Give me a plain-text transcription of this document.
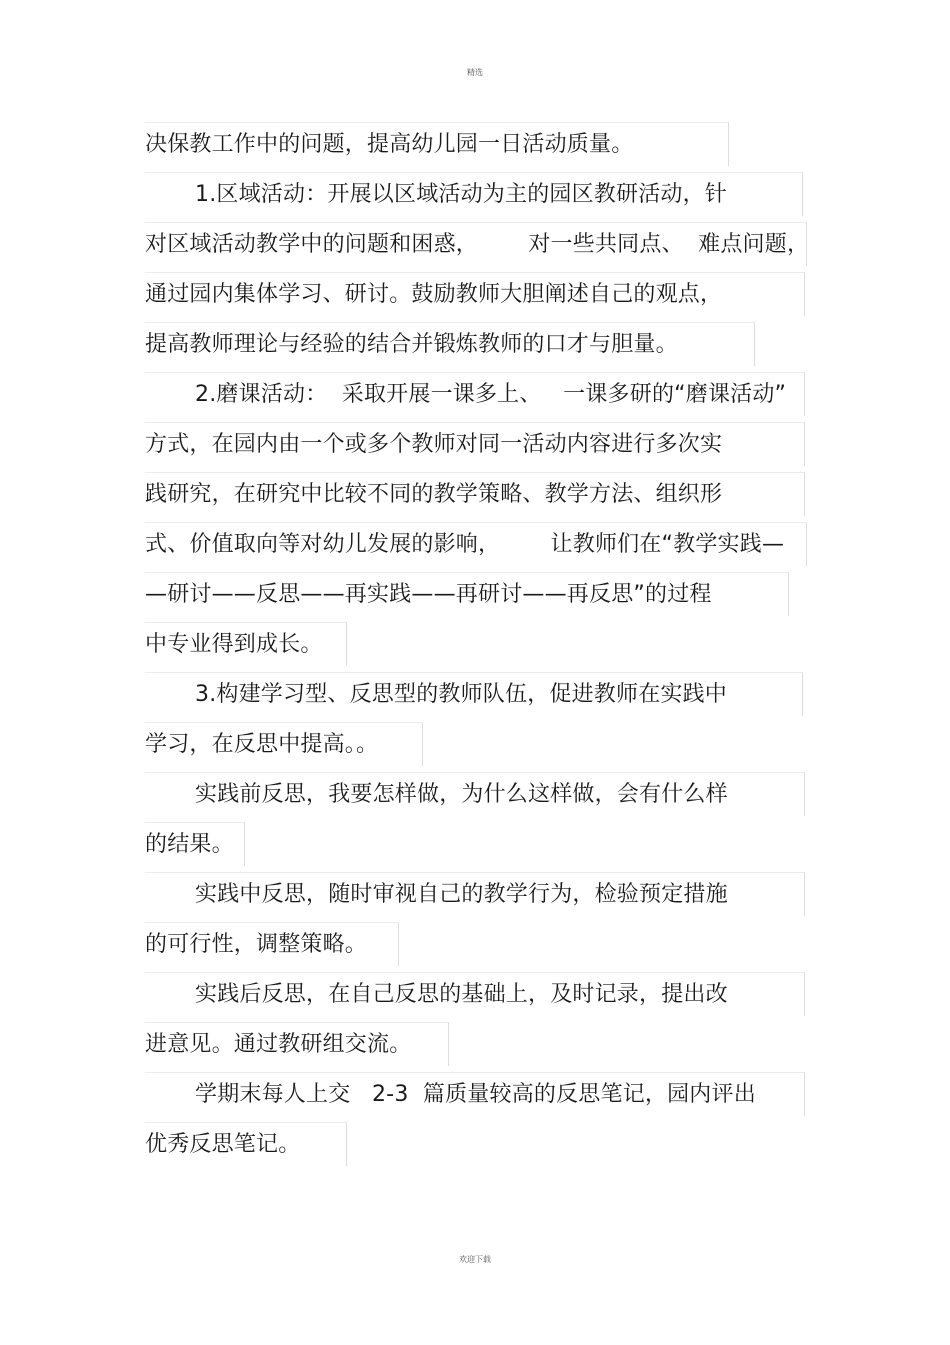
精选
决保教工作中的问题，提高幼儿园一日活动质量。
1.区域活动：开展以区域活动为主的园区教研活动，针
对区域活动教学中的问题和困惑，       对一些共同点、  难点问题，
通过园内集体学习、研讨。鼓励教师大胆阐述自己的观点，
提高教师理论与经验的结合并锻炼教师的口才与胆量。
2.磨课活动：  采取开展一课多上、   一课多研的“磨课活动”
方式，在园内由一个或多个教师对同一活动内容进行多次实
践研究，在研究中比较不同的教学策略、教学方法、组织形
式、价值取向等对幼儿发展的影响，       让教师们在“教学实践—
—研讨——反思——再实践——再研讨——再反思”的过程
中专业得到成长。
3.构建学习型、反思型的教师队伍，促进教师在实践中
学习，在反思中提高。。
实践前反思，我要怎样做，为什么这样做，会有什么样
的结果。
实践中反思，随时审视自己的教学行为，检验预定措施
的可行性，调整策略。
实践后反思，在自己反思的基础上，及时记录，提出改
进意见。通过教研组交流。
学期末每人上交   2-3  篇质量较高的反思笔记，园内评出
优秀反思笔记。
欢迎下载
